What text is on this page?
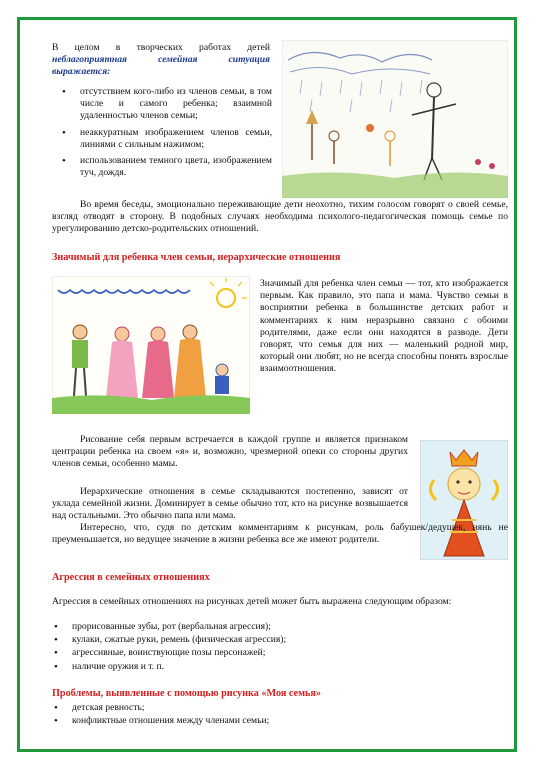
В целом в творческих работах детей неблагоприятная семейная ситуация выражается:

• отсутствием кого-либо из членов семьи, в том числе и самого ребенка; взаимной удаленностью членов семьи;
• неаккуратным изображением членов семьи, линиями с сильным нажимом;
• использованием темного цвета, изображением туч, дождя.

Во время беседы, эмоционально переживающие дети неохотно, тихим голосом говорят о своей семье, взгляд отводят в сторону. В подобных случаях необходима психолого-педагогическая помощь семье по урегулированию детско-родительских отношений.

Значимый для ребенка член семьи, иерархические отношения

Значимый для ребенка член семьи — тот, кто изображается первым. Как правило, это папа и мама. Чувство семьи в восприятии ребенка в большинстве детских работ и комментариях к ним неразрывно связано с обоими родителями, даже если они находятся в разводе. Дети говорят, что семья для них — маленький родной мир, который они любят, но не всегда способны понять взрослые взаимоотношения.

Рисование себя первым встречается в каждой группе и является признаком центрации ребенка на своем «я» и, возможно, чрезмерной опеки со стороны других членов семьи, особенно мамы.

Иерархические отношения в семье складываются постепенно, зависят от уклада семейной жизни. Доминирует в семье обычно тот, кто на рисунке возвышается над остальными. Это обычно папа или мама.

Интересно, что, судя по детским комментариям к рисункам, роль бабушек/дедушек, нянь не преуменьшается, но ведущее значение в жизни ребенка все же имеют родители.

Агрессия в семейных отношениях

Агрессия в семейных отношениях на рисунках детей может быть выражена следующим образом:

• прорисованные зубы, рот (вербальная агрессия);
• кулаки, сжатые руки, ремень (физическая агрессия);
• агрессивные, воинствующие позы персонажей;
• наличие оружия и т. п.

Проблемы, выявленные с помощью рисунка «Моя семья»

• детская ревность;
• конфликтные отношения между членами семьи;
